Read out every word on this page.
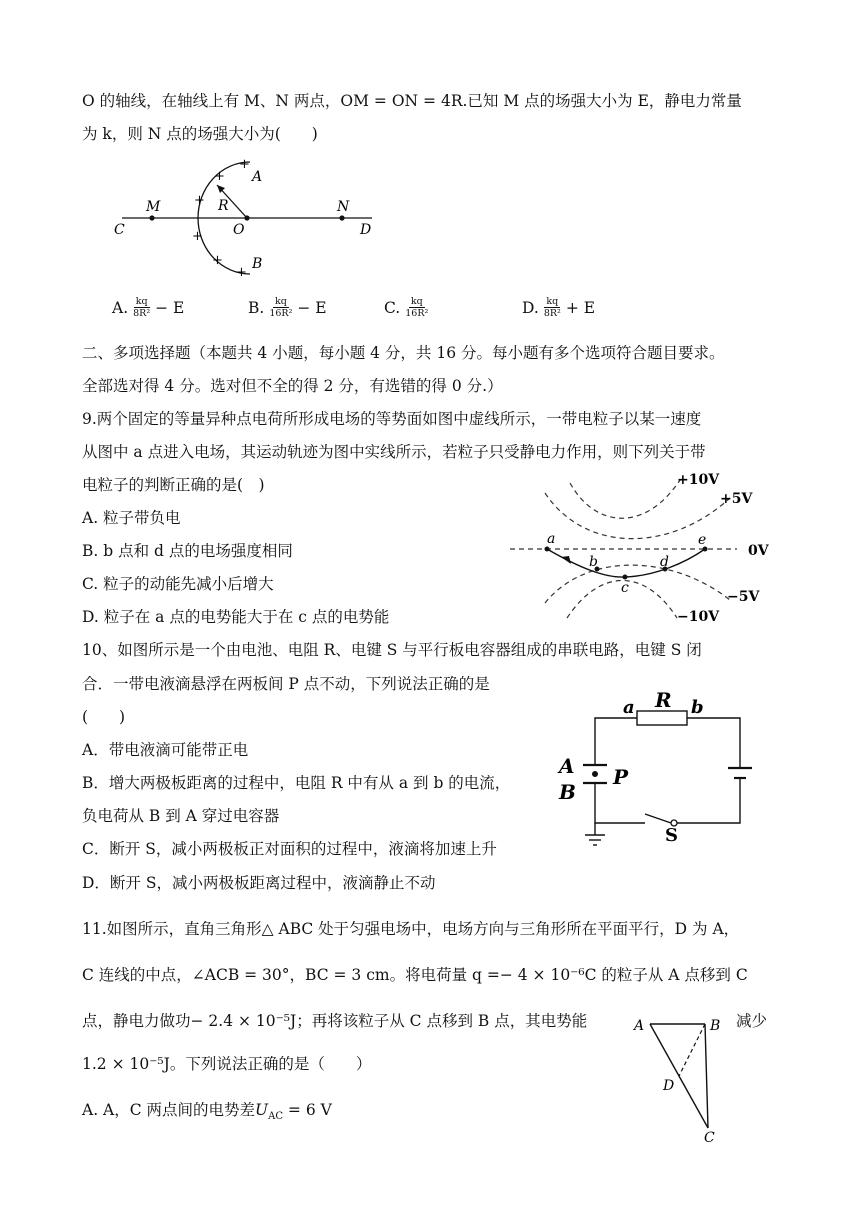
O 的轴线，在轴线上有 M、N 两点，OM = ON = 4R.已知 M 点的场强大小为 E，静电力常量
为 k，则 N 点的场强大小为(　　)
C
M
O
N
D
R
A
B
+
+
+
+
+
+
A. $\frac{kq}{\text{8R²}} - E$	B. $\frac{kq}{\text{16R²}} - E$	C. $\frac{kq}{\text{16R²}}$	D. $\frac{kq}{\text{8R²}} + E$
二、多项选择题（本题共 4 小题，每小题 4 分，共 16 分。每小题有多个选项符合题目要求。
全部选对得 4 分。选对但不全的得 2 分，有选错的得 0 分.）
9.两个固定的等量异种点电荷所形成电场的等势面如图中虚线所示，一带电粒子以某一速度
从图中 a 点进入电场，其运动轨迹为图中实线所示，若粒子只受静电力作用，则下列关于带
电粒子的判断正确的是(　)
A. 粒子带负电
B. b 点和 d 点的电场强度相同
C. 粒子的动能先减小后增大
D. 粒子在 a 点的电势能大于在 c 点的电势能
a
b
c
d
e
+10V
+5V
0V
−5V
−10V
10、如图所示是一个由电池、电阻 R、电键 S 与平行板电容器组成的串联电路，电键 S 闭
合．一带电液滴悬浮在两板间 P 点不动，下列说法正确的是
(　　)
A．带电液滴可能带正电
B．增大两极板距离的过程中，电阻 R 中有从 a 到 b 的电流，
负电荷从 B 到 A 穿过电容器
C．断开 S，减小两极板正对面积的过程中，液滴将加速上升
D．断开 S，减小两极板距离过程中，液滴静止不动
a R b
A
B
P
S
11.如图所示，直角三角形△ ABC 处于匀强电场中，电场方向与三角形所在平面平行，D 为 A，
C 连线的中点，∠ACB = 30°，BC = 3 cm。将电荷量 q =− 4 × 10⁻⁶C 的粒子从 A 点移到 C
点，静电力做功− 2.4 × 10⁻⁵J；再将该粒子从 C 点移到 B 点，其电势能	减少
1.2 × 10⁻⁵J。下列说法正确的是（　　）
A. A，C 两点间的电势差$U_{AC} = 6$ V
A	B
D
C
